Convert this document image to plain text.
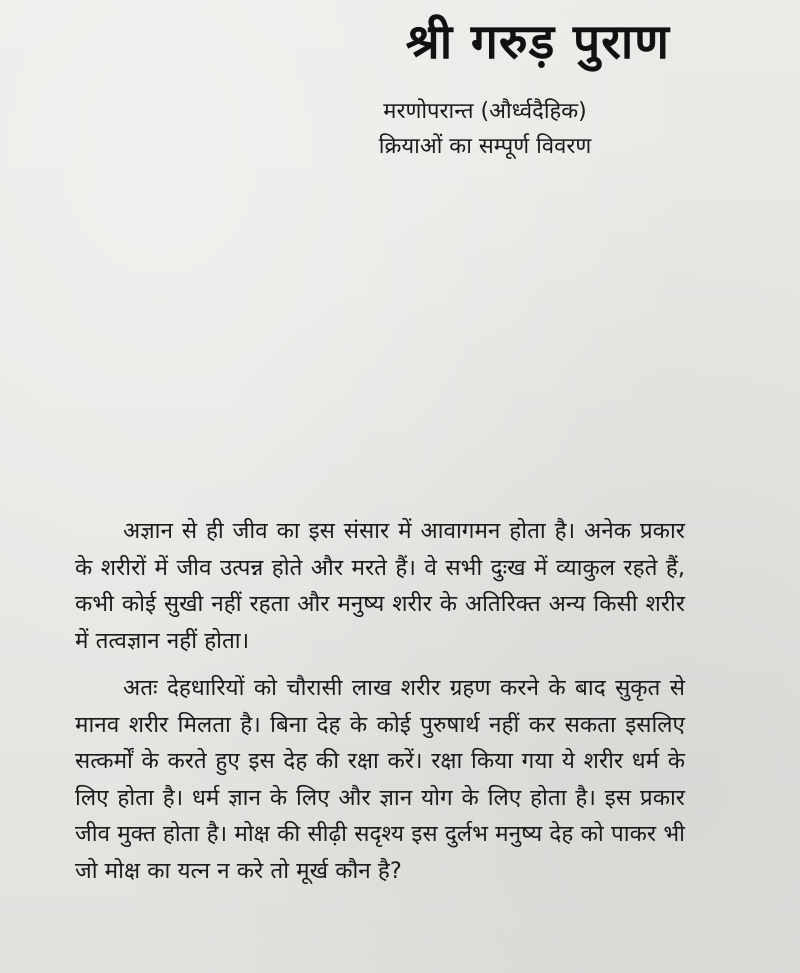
श्री गरुड़ पुराण
मरणोपरान्त (और्ध्वदैहिक)
क्रियाओं का सम्पूर्ण विवरण

अज्ञान से ही जीव का इस संसार में आवागमन होता है। अनेक प्रकार के शरीरों में जीव उत्पन्न होते और मरते हैं। वे सभी दुःख में व्याकुल रहते हैं, कभी कोई सुखी नहीं रहता और मनुष्य शरीर के अतिरिक्त अन्य किसी शरीर में तत्वज्ञान नहीं होता।

अतः देहधारियों को चौरासी लाख शरीर ग्रहण करने के बाद सुकृत से मानव शरीर मिलता है। बिना देह के कोई पुरुषार्थ नहीं कर सकता इसलिए सत्कर्मों के करते हुए इस देह की रक्षा करें। रक्षा किया गया ये शरीर धर्म के लिए होता है। धर्म ज्ञान के लिए और ज्ञान योग के लिए होता है। इस प्रकार जीव मुक्त होता है। मोक्ष की सीढ़ी सदृश्य इस दुर्लभ मनुष्य देह को पाकर भी जो मोक्ष का यत्न न करे तो मूर्ख कौन है?
